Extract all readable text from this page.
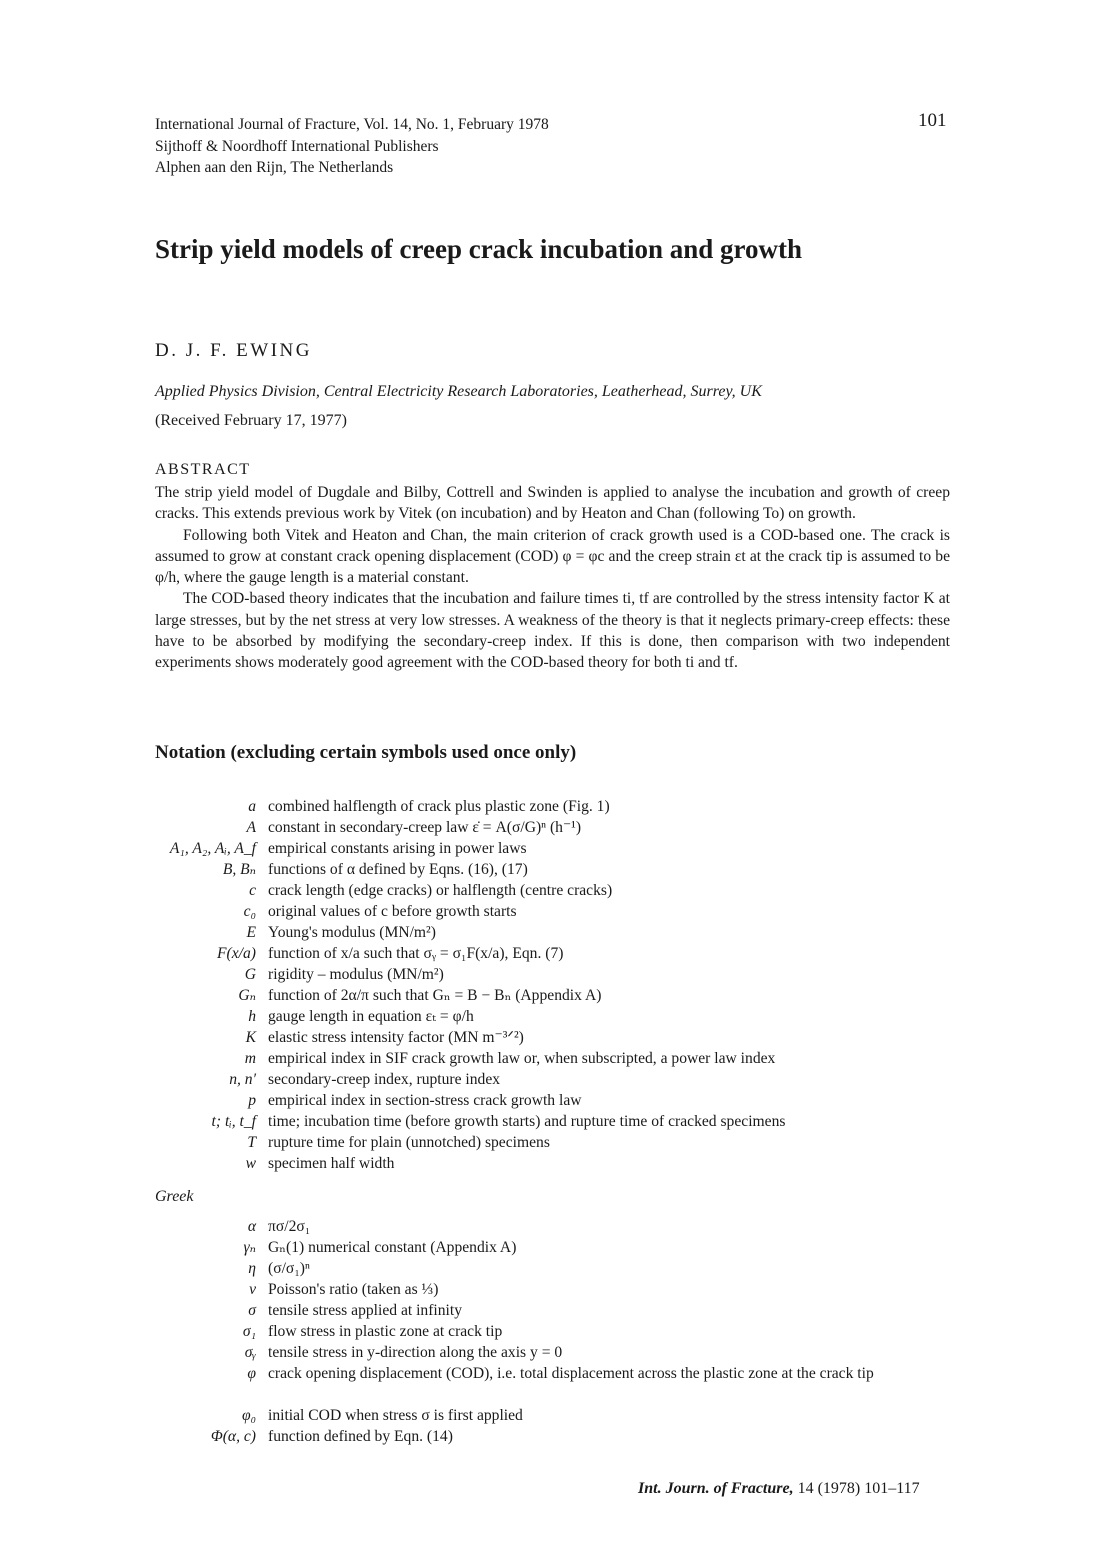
International Journal of Fracture, Vol. 14, No. 1, February 1978
Sijthoff & Noordhoff International Publishers
Alphen aan den Rijn, The Netherlands
101
Strip yield models of creep crack incubation and growth
D. J. F. EWING
Applied Physics Division, Central Electricity Research Laboratories, Leatherhead, Surrey, UK
(Received February 17, 1977)
ABSTRACT

The strip yield model of Dugdale and Bilby, Cottrell and Swinden is applied to analyse the incubation and growth of creep cracks. This extends previous work by Vitek (on incubation) and by Heaton and Chan (following To) on growth.

Following both Vitek and Heaton and Chan, the main criterion of crack growth used is a COD-based one. The crack is assumed to grow at constant crack opening displacement (COD) φ = φc and the creep strain εt at the crack tip is assumed to be φ/h, where the gauge length is a material constant.

The COD-based theory indicates that the incubation and failure times ti, tf are controlled by the stress intensity factor K at large stresses, but by the net stress at very low stresses. A weakness of the theory is that it neglects primary-creep effects: these have to be absorbed by modifying the secondary-creep index. If this is done, then comparison with two independent experiments shows moderately good agreement with the COD-based theory for both ti and tf.

Notation (excluding certain symbols used once only)
a combined halflength of crack plus plastic zone (Fig. 1)
A constant in secondary-creep law ε̇ = A(σ/G)ⁿ (h⁻¹)
A₁, A₂, Aᵢ, A_f empirical constants arising in power laws
B, Bₙ functions of α defined by Eqns. (16), (17)
c crack length (edge cracks) or halflength (centre cracks)
c₀ original values of c before growth starts
E Young's modulus (MN/m²)
F(x/a) function of x/a such that σᵧ = σ₁F(x/a), Eqn. (7)
G rigidity – modulus (MN/m²)
Gₙ function of 2α/π such that Gₙ = B − Bₙ (Appendix A)
h gauge length in equation εₜ = φ/h
K elastic stress intensity factor (MN m⁻³ᐟ²)
m empirical index in SIF crack growth law or, when subscripted, a power law index
n, n′ secondary-creep index, rupture index
p empirical index in section-stress crack growth law
t; tᵢ, t_f time; incubation time (before growth starts) and rupture time of cracked specimens
T rupture time for plain (unnotched) specimens
w specimen half width
Greek
α πσ/2σ₁
γₙ Gₙ(1) numerical constant (Appendix A)
η (σ/σ₁)ⁿ
ν Poisson's ratio (taken as ⅓)
σ tensile stress applied at infinity
σ₁ flow stress in plastic zone at crack tip
σᵧ tensile stress in y-direction along the axis y = 0
φ crack opening displacement (COD), i.e. total displacement across the plastic zone at the crack tip
φ₀ initial COD when stress σ is first applied
Φ(α, c) function defined by Eqn. (14)
Int. Journ. of Fracture, 14 (1978) 101–117
